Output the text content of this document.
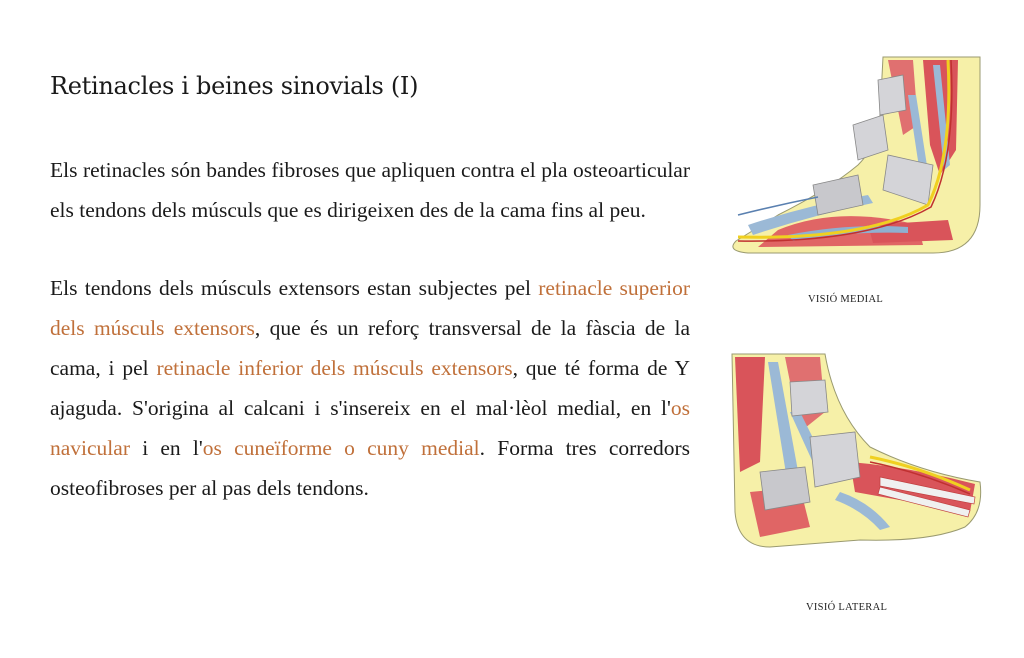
Retinacles i beines sinovials (I)

Els retinacles són bandes fibroses que apliquen contra el pla osteoarticular els tendons dels músculs que es dirigeixen des de la cama fins al peu.

Els tendons dels músculs extensors estan subjectes pel retinacle superior dels músculs extensors, que és un reforç transversal de la fàscia de la cama, i pel retinacle inferior dels músculs extensors, que té forma de Y ajaguda. S'origina al calcani i s'insereix en el mal·lèol medial, en l'os navicular i en l'os cuneïforme o cuny medial. Forma tres corredors osteofibroses per al pas dels tendons.

VISIÓ MEDIAL
VISIÓ LATERAL
